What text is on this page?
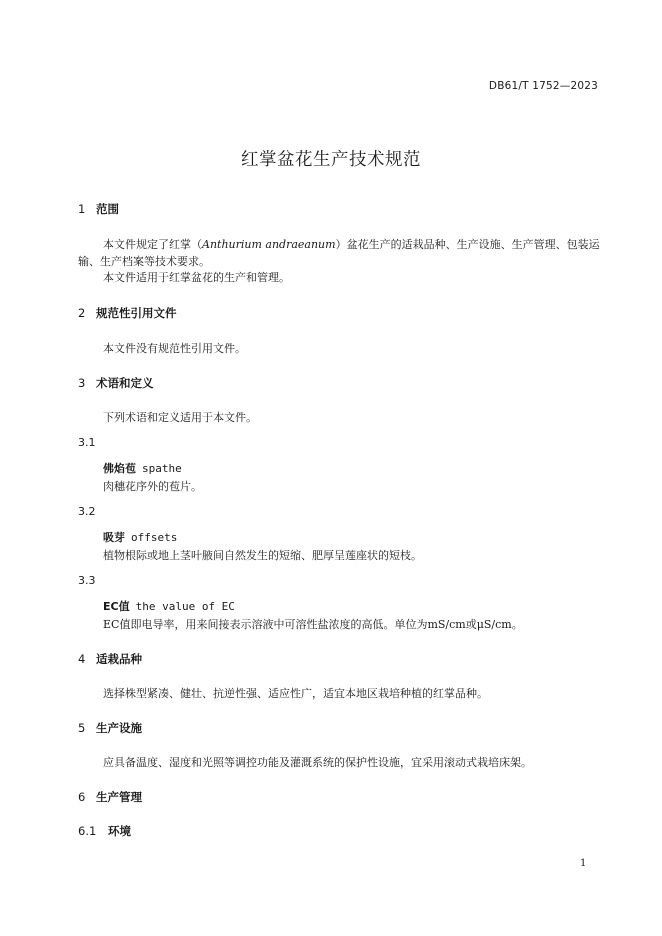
DB61/T 1752—2023
红掌盆花生产技术规范
1 范围
本文件规定了红掌（Anthurium andraeanum）盆花生产的适栽品种、生产设施、生产管理、包装运
输、生产档案等技术要求。
本文件适用于红掌盆花的生产和管理。
2 规范性引用文件
本文件没有规范性引用文件。
3 术语和定义
下列术语和定义适用于本文件。
3.1
佛焰苞 spathe
肉穗花序外的苞片。
3.2
吸芽 offsets
植物根际或地上茎叶腋间自然发生的短缩、肥厚呈莲座状的短枝。
3.3
EC值 the value of EC
EC值即电导率，用来间接表示溶液中可溶性盐浓度的高低。单位为mS/cm或μS/cm。
4 适栽品种
选择株型紧凑、健壮、抗逆性强、适应性广，适宜本地区栽培种植的红掌品种。
5 生产设施
应具备温度、湿度和光照等调控功能及灌溉系统的保护性设施，宜采用滚动式栽培床架。
6 生产管理
6.1 环境
1
